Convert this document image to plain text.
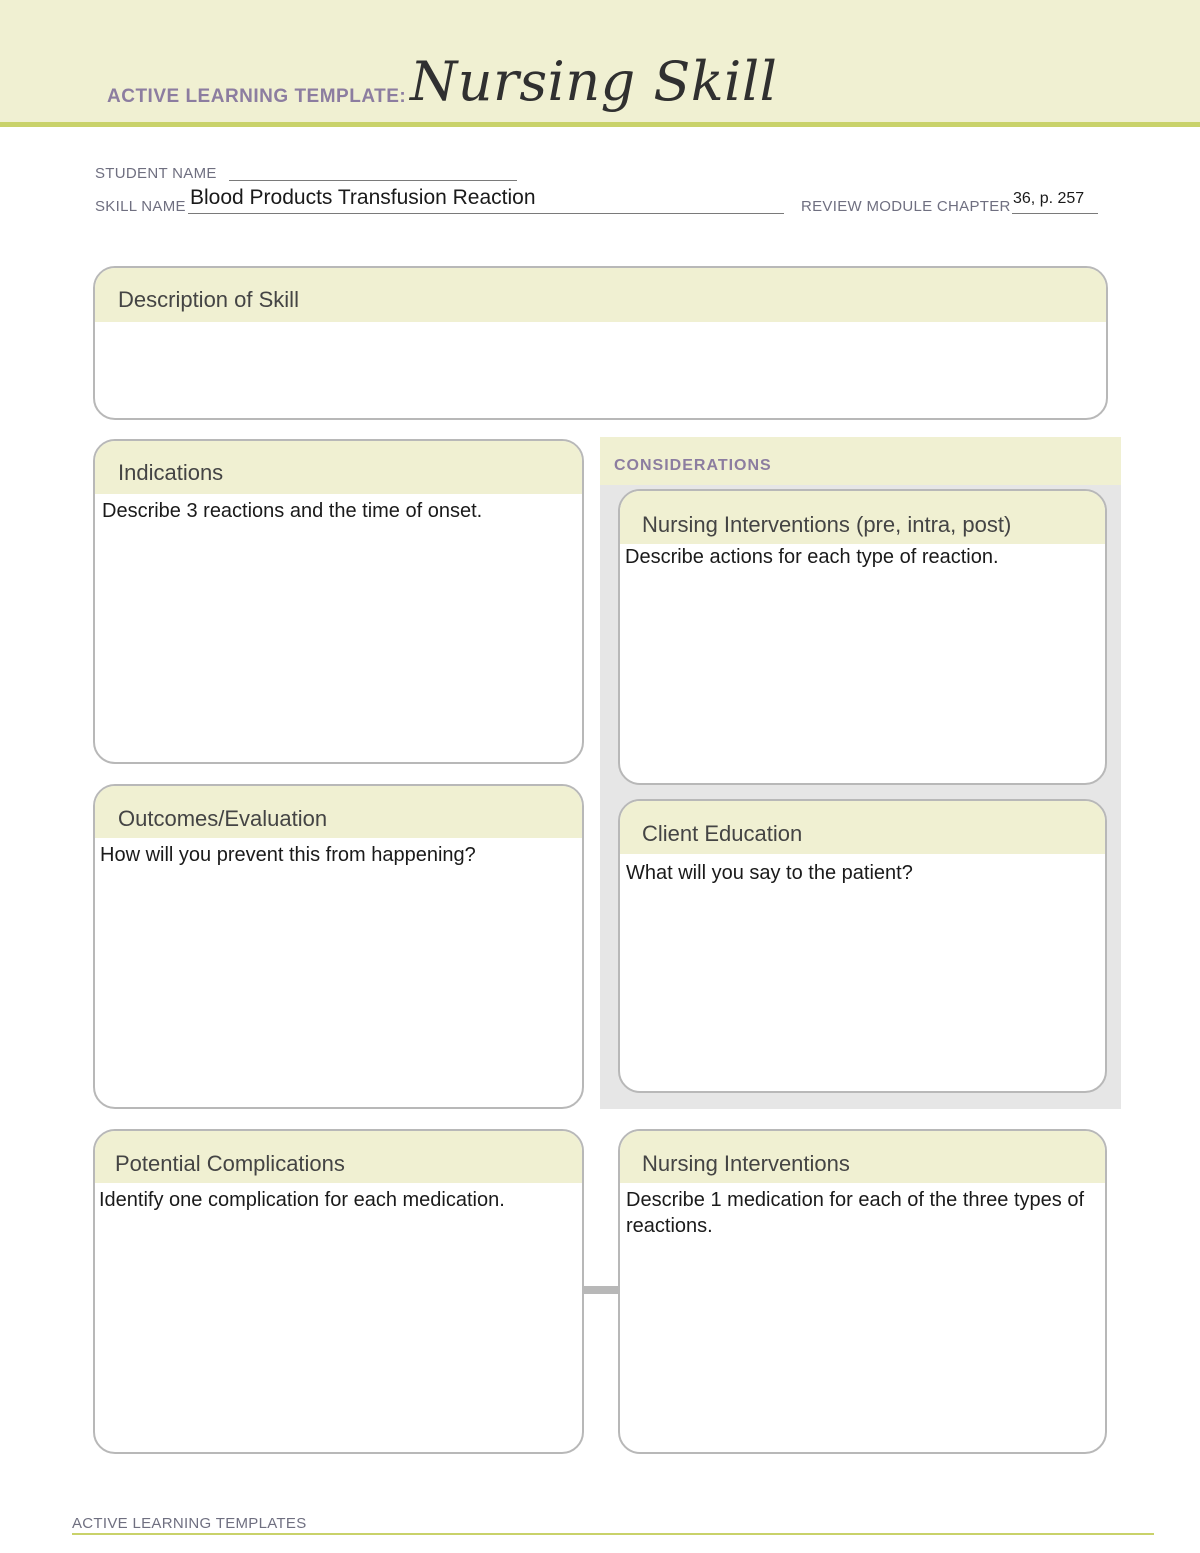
ACTIVE LEARNING TEMPLATE: Nursing Skill
STUDENT NAME
SKILL NAME Blood Products Transfusion Reaction	REVIEW MODULE CHAPTER 36, p. 257
Description of Skill
Indications
Describe 3 reactions and the time of onset.
Outcomes/Evaluation
How will you prevent this from happening?
CONSIDERATIONS
Nursing Interventions (pre, intra, post)
Describe actions for each type of reaction.
Client Education
What will you say to the patient?
Potential Complications
Identify one complication for each medication.
Nursing Interventions
Describe 1 medication for each of the three types of reactions.
ACTIVE LEARNING TEMPLATES
